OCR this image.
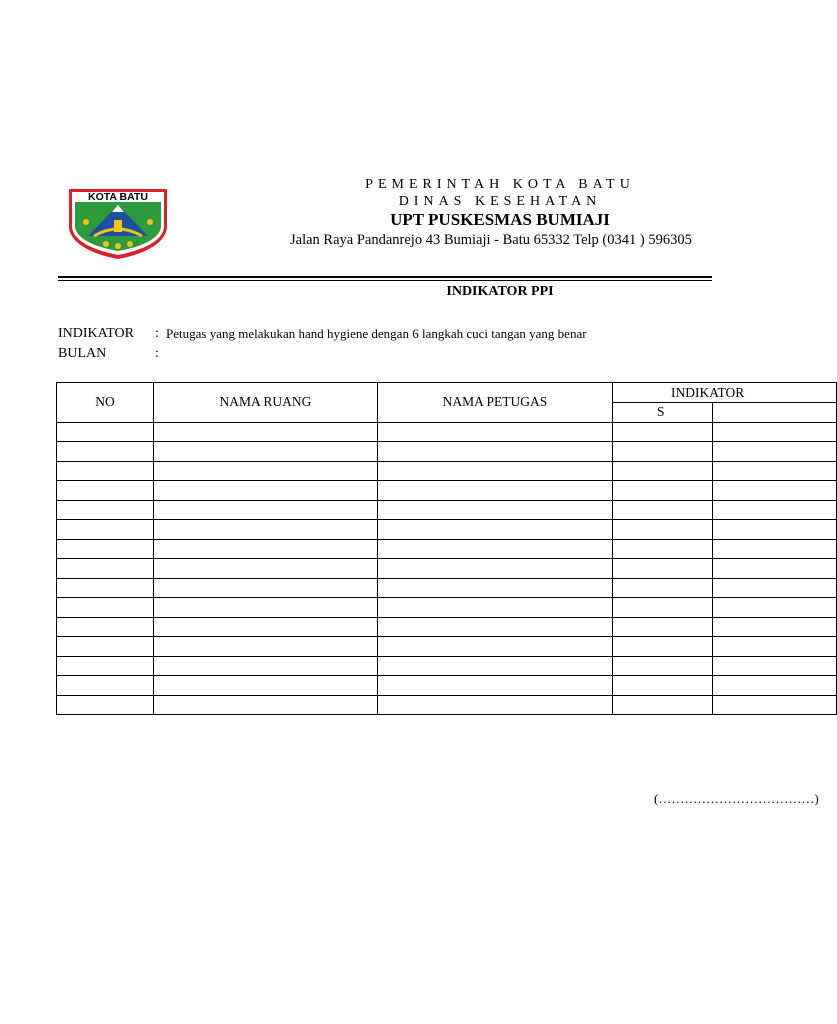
KOTA BATU
PEMERINTAH KOTA BATU
DINAS KESEHATAN
UPT PUSKESMAS BUMIAJI
Jalan Raya Pandanrejo 43 Bumiaji - Batu 65332 Telp (0341 ) 596305
INDIKATOR PPI
INDIKATOR : Petugas yang melakukan hand hygiene dengan 6 langkah cuci tangan yang benar
BULAN	:
NO	NAMA RUANG	NAMA PETUGAS	INDIKATOR	
			S	

(………………………………)
